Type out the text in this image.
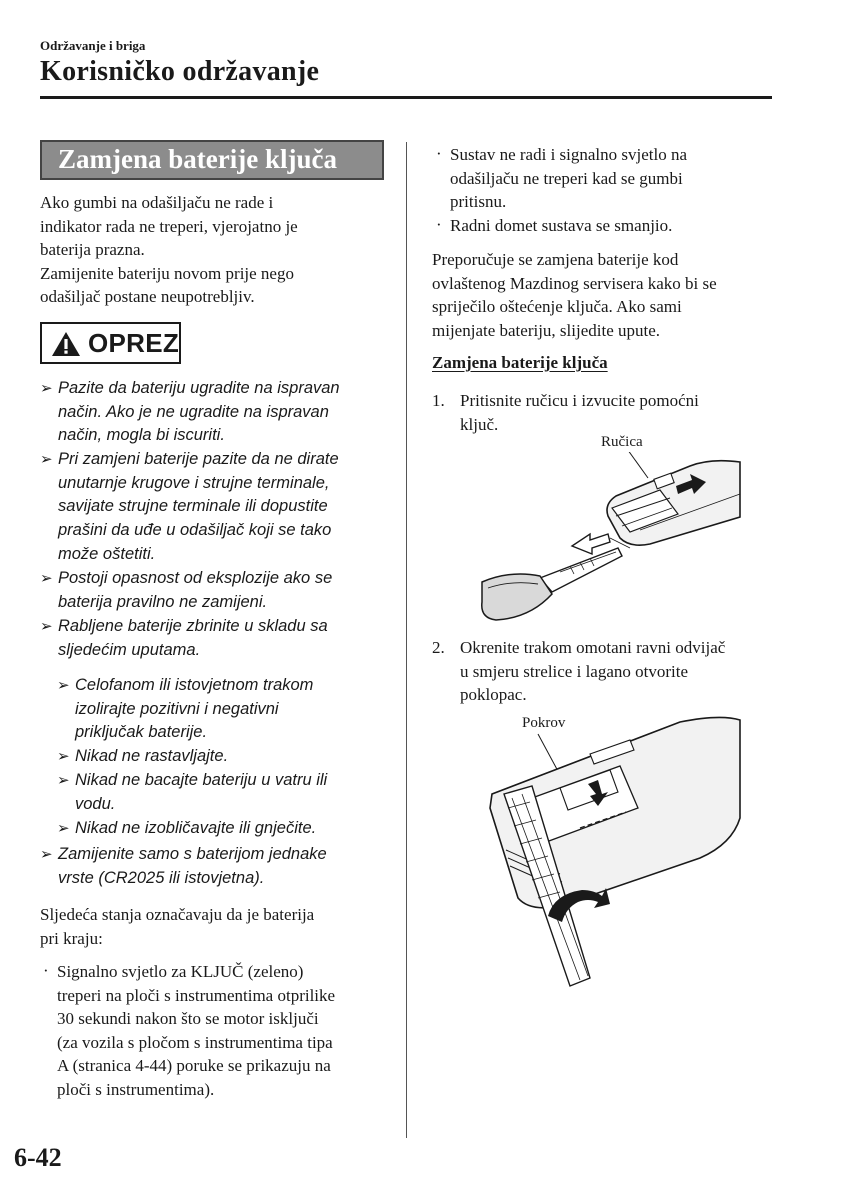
Održavanje i briga
Korisničko održavanje
Zamjena baterije ključa
Ako gumbi na odašiljaču ne rade i
indikator rada ne treperi, vjerojatno je
baterija prazna.
Zamijenite bateriju novom prije nego
odašiljač postane neupotrebljiv.
OPREZ
➢ Pazite da bateriju ugradite na ispravan
način. Ako je ne ugradite na ispravan
način, mogla bi iscuriti.
➢ Pri zamjeni baterije pazite da ne dirate
unutarnje krugove i strujne terminale,
savijate strujne terminale ili dopustite
prašini da uđe u odašiljač koji se tako
može oštetiti.
➢ Postoji opasnost od eksplozije ako se
baterija pravilno ne zamijeni.
➢ Rabljene baterije zbrinite u skladu sa
sljedećim uputama.
➢ Celofanom ili istovjetnom trakom
izolirajte pozitivni i negativni
priključak baterije.
➢ Nikad ne rastavljajte.
➢ Nikad ne bacajte bateriju u vatru ili
vodu.
➢ Nikad ne izobličavajte ili gnječite.
➢ Zamijenite samo s baterijom jednake
vrste (CR2025 ili istovjetna).
Sljedeća stanja označavaju da je baterija
pri kraju:
· Signalno svjetlo za KLJUČ (zeleno)
treperi na ploči s instrumentima otprilike
30 sekundi nakon što se motor isključi
(za vozila s pločom s instrumentima tipa
A (stranica 4-44) poruke se prikazuju na
ploči s instrumentima).
· Sustav ne radi i signalno svjetlo na
odašiljaču ne treperi kad se gumbi
pritisnu.
· Radni domet sustava se smanjio.
Preporučuje se zamjena baterije kod
ovlaštenog Mazdinog servisera kako bi se
spriječilo oštećenje ključa. Ako sami
mijenjate bateriju, slijedite upute.
Zamjena baterije ključa
1. Pritisnite ručicu i izvucite pomoćni
ključ.
Ručica
2. Okrenite trakom omotani ravni odvijač
u smjeru strelice i lagano otvorite
poklopac.
Pokrov
6-42
